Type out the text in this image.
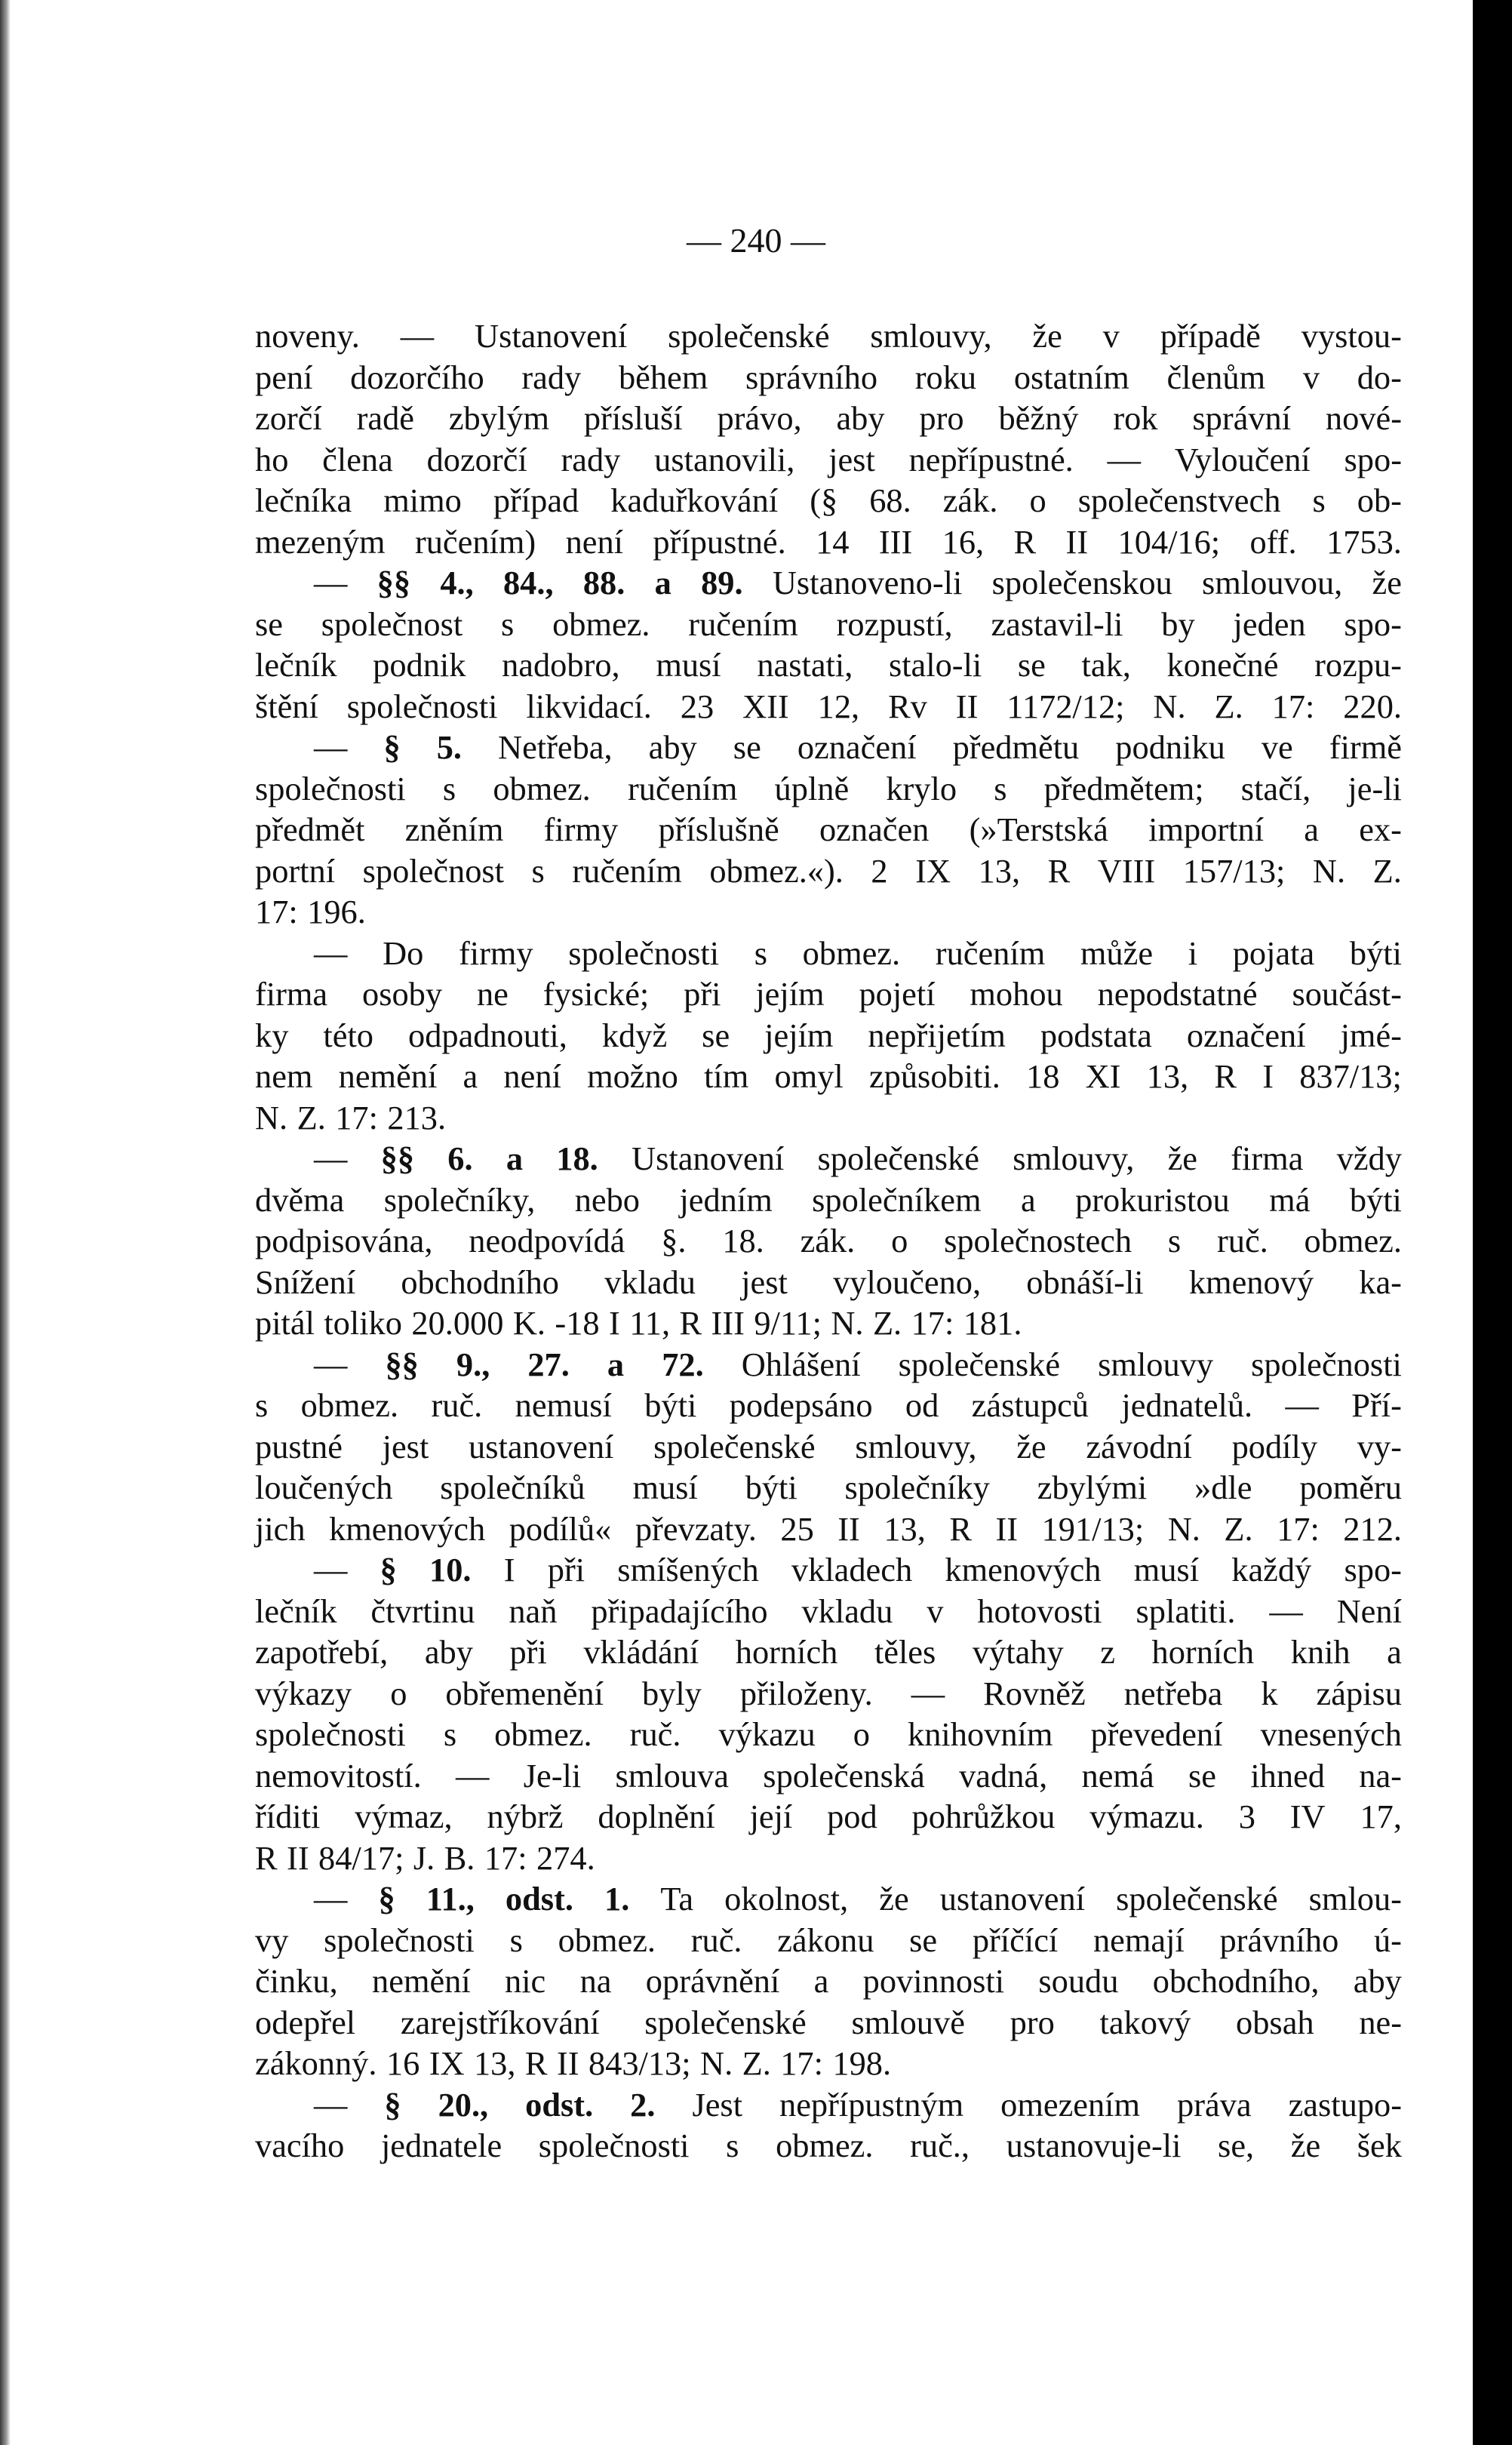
— 240 —
noveny. — Ustanovení společenské smlouvy, že v případě vystou-
pení dozorčího rady během správního roku ostatním členům v do-
zorčí radě zbylým přísluší právo, aby pro běžný rok správní nové-
ho člena dozorčí rady ustanovili, jest nepřípustné. — Vyloučení spo-
lečníka mimo případ kaduřkování (§ 68. zák. o společenstvech s ob-
mezeným ručením) není přípustné. 14 III 16, R II 104/16; off. 1753.
— §§ 4., 84., 88. a 89. Ustanoveno-li společenskou smlouvou, že
se společnost s obmez. ručením rozpustí, zastavil-li by jeden spo-
lečník podnik nadobro, musí nastati, stalo-li se tak, konečné rozpu-
štění společnosti likvidací. 23 XII 12, Rv II 1172/12; N. Z. 17: 220.
— § 5. Netřeba, aby se označení předmětu podniku ve firmě
společnosti s obmez. ručením úplně krylo s předmětem; stačí, je-li
předmět zněním firmy příslušně označen (»Terstská importní a ex-
portní společnost s ručením obmez.«). 2 IX 13, R VIII 157/13; N. Z.
17: 196.
— Do firmy společnosti s obmez. ručením může i pojata býti
firma osoby ne fysické; při jejím pojetí mohou nepodstatné součást-
ky této odpadnouti, když se jejím nepřijetím podstata označení jmé-
nem nemění a není možno tím omyl způsobiti. 18 XI 13, R I 837/13;
N. Z. 17: 213.
— §§ 6. a 18. Ustanovení společenské smlouvy, že firma vždy
dvěma společníky, nebo jedním společníkem a prokuristou má býti
podpisována, neodpovídá §. 18. zák. o společnostech s ruč. obmez.
Snížení obchodního vkladu jest vyloučeno, obnáší-li kmenový ka-
pitál toliko 20.000 K. -18 I 11, R III 9/11; N. Z. 17: 181.
— §§ 9., 27. a 72. Ohlášení společenské smlouvy společnosti
s obmez. ruč. nemusí býti podepsáno od zástupců jednatelů. — Pří-
pustné jest ustanovení společenské smlouvy, že závodní podíly vy-
loučených společníků musí býti společníky zbylými »dle poměru
jich kmenových podílů« převzaty. 25 II 13, R II 191/13; N. Z. 17: 212.
— § 10. I při smíšených vkladech kmenových musí každý spo-
lečník čtvrtinu naň připadajícího vkladu v hotovosti splatiti. — Není
zapotřebí, aby při vkládání horních těles výtahy z horních knih a
výkazy o obřemenění byly přiloženy. — Rovněž netřeba k zápisu
společnosti s obmez. ruč. výkazu o knihovním převedení vnesených
nemovitostí. — Je-li smlouva společenská vadná, nemá se ihned na-
říditi výmaz, nýbrž doplnění její pod pohrůžkou výmazu. 3 IV 17,
R II 84/17; J. B. 17: 274.
— § 11., odst. 1. Ta okolnost, že ustanovení společenské smlou-
vy společnosti s obmez. ruč. zákonu se příčící nemají právního ú-
činku, nemění nic na oprávnění a povinnosti soudu obchodního, aby
odepřel zarejstříkování společenské smlouvě pro takový obsah ne-
zákonný. 16 IX 13, R II 843/13; N. Z. 17: 198.
— § 20., odst. 2. Jest nepřípustným omezením práva zastupo-
vacího jednatele společnosti s obmez. ruč., ustanovuje-li se, že šek
